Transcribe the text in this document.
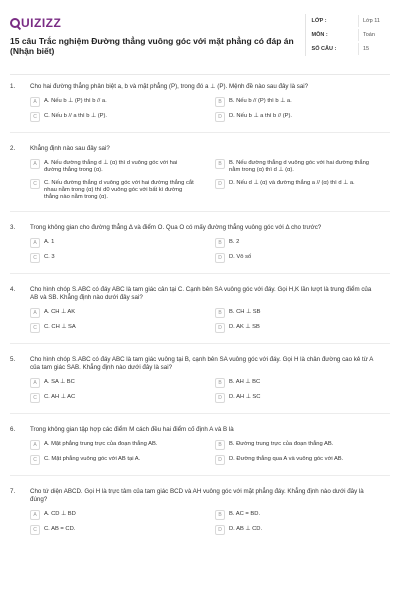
UIZIZZ
15 câu Trắc nghiệm Đường thẳng vuông góc với mặt phẳng có đáp án (Nhận biết)
LỚP :	Lớp 11
MÔN :	Toán
SỐ CÂU :	15
1.	Cho hai đường thẳng phân biệt a, b và mặt phẳng (P), trong đó a ⊥ (P). Mệnh đề nào sau đây là sai?
A	A. Nếu b ⊥ (P) thì b // a.	B	B. Nếu b // (P) thì b ⊥ a.
C	C. Nếu b // a thì b ⊥ (P).	D	D. Nếu b ⊥ a thì b // (P).
2.	Khẳng định nào sau đây sai?
A	A. Nếu đường thẳng d ⊥ (α) thì d vuông góc với hai đường thẳng trong (α).
B	B. Nếu đường thẳng d vuông góc với hai đường thẳng nằm trong (α) thì d ⊥ (α).
C	C. Nếu đường thẳng d vuông góc với hai đường thẳng cắt nhau nằm trong (α) thì d0 vuông góc với bất kì đường thẳng nào nằm trong (α).
D	D. Nếu d ⊥ (α) và đường thẳng a // (α) thì d ⊥ a.
3.	Trong không gian cho đường thẳng Δ và điểm O. Qua O có mấy đường thẳng vuông góc với Δ cho trước?
A	A. 1	B	B. 2
C	C. 3	D	D. Vô số
4.	Cho hình chóp S.ABC có đáy ABC là tam giác cân tại C. Cạnh bên SA vuông góc với đáy. Gọi H,K lần lượt là trung điểm của AB và SB. Khẳng định nào dưới đây sai?
A	A. CH ⊥ AK	B	B. CH ⊥ SB
C	C. CH ⊥ SA	D	D. AK ⊥ SB
5.	Cho hình chóp S.ABC có đáy ABC là tam giác vuông tại B, cạnh bên SA vuông góc với đáy. Gọi H là chân đường cao kẻ từ A của tam giác SAB. Khẳng định nào dưới đây là sai?
A	A. SA ⊥ BC	B	B. AH ⊥ BC
C	C. AH ⊥ AC	D	D. AH ⊥ SC
6.	Trong không gian tập hợp các điểm M cách đều hai điểm cố định A và B là
A	A. Mặt phẳng trung trực của đoạn thẳng AB.	B	B. Đường trung trực của đoạn thẳng AB.
C	C. Mặt phẳng vuông góc với AB tại A.	D	D. Đường thẳng qua A và vuông góc với AB.
7.	Cho tứ diện ABCD. Gọi H là trực tâm của tam giác BCD và AH vuông góc với mặt phẳng đáy. Khẳng định nào dưới đây là đúng?
A	A. CD ⊥ BD	B	B. AC = BD.
C	C. AB = CD.	D	D. AB ⊥ CD.
